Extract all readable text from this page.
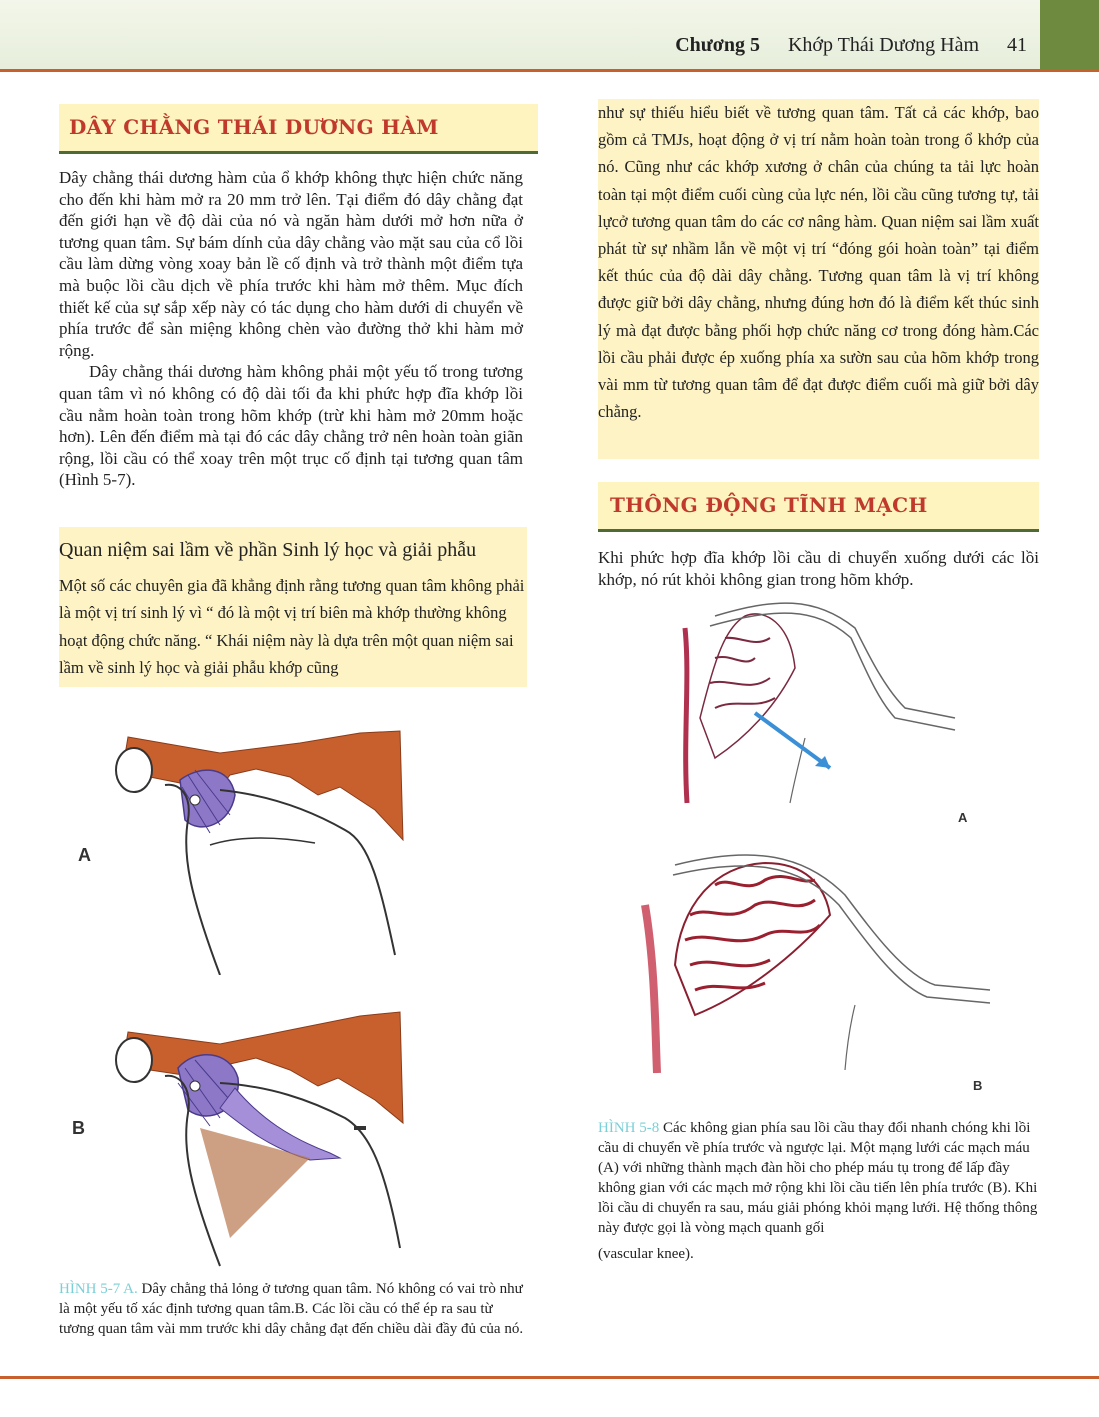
Chương 5 Khớp Thái Dương Hàm 41
DÂY CHẰNG THÁI DƯƠNG HÀM

Dây chằng thái dương hàm của ổ khớp không thực hiện chức năng cho đến khi hàm mở ra 20 mm trở lên. Tại điểm đó dây chằng đạt đến giới hạn về độ dài của nó và ngăn hàm dưới mở hơn nữa ở tương quan tâm. Sự bám dính của dây chằng vào mặt sau của cổ lồi cầu làm dừng vòng xoay bản lề cố định và trở thành một điểm tựa mà buộc lồi cầu dịch về phía trước khi hàm mở thêm. Mục đích thiết kế của sự sắp xếp này có tác dụng cho hàm dưới di chuyển về phía trước để sàn miệng không chèn vào đường thở khi hàm mở rộng.

Dây chằng thái dương hàm không phải một yếu tố trong tương quan tâm vì nó không có độ dài tối đa khi phức hợp đĩa khớp lồi cầu nằm hoàn toàn trong hõm khớp (trừ khi hàm mở 20mm hoặc hơn). Lên đến điểm mà tại đó các dây chằng trở nên hoàn toàn giãn rộng, lồi cầu có thể xoay trên một trục cố định tại tương quan tâm (Hình 5-7).

Quan niệm sai lầm về phần Sinh lý học và giải phẫu

Một số các chuyên gia đã khẳng định rằng tương quan tâm không phải là một vị trí sinh lý vì “ đó là một vị trí biên mà khớp thường không hoạt động chức năng. “ Khái niệm này là dựa trên một quan niệm sai lầm về sinh lý học và giải phẫu khớp cũng

A
B
HÌNH 5-7 A. Dây chằng thả lỏng ở tương quan tâm. Nó không có vai trò như là một yếu tố xác định tương quan tâm.B. Các lồi cầu có thể ép ra sau từ tương quan tâm vài mm trước khi dây chằng đạt đến chiều dài đầy đủ của nó.

như sự thiếu hiểu biết về tương quan tâm. Tất cả các khớp, bao gồm cả TMJs, hoạt động ở vị trí nằm hoàn toàn trong ổ khớp của nó. Cũng như các khớp xương ở chân của chúng ta tải lực hoàn toàn tại một điểm cuối cùng của lực nén, lồi cầu cũng tương tự, tải lựcở tương quan tâm do các cơ nâng hàm. Quan niệm sai lầm xuất phát từ sự nhầm lẫn về một vị trí “đóng gói hoàn toàn” tại điểm kết thúc của độ dài dây chằng. Tương quan tâm là vị trí không được giữ bởi dây chằng, nhưng đúng hơn đó là điểm kết thúc sinh lý mà đạt được bằng phối hợp chức năng cơ trong đóng hàm.Các lồi cầu phải được ép xuống phía xa sườn sau của hõm khớp trong vài mm từ tương quan tâm để đạt được điểm cuối mà giữ bởi dây chằng.

THÔNG ĐỘNG TĨNH MẠCH

Khi phức hợp đĩa khớp lồi cầu di chuyển xuống dưới các lồi khớp, nó rút khỏi không gian trong hõm khớp.

A
B
HÌNH 5-8 Các không gian phía sau lồi cầu thay đổi nhanh chóng khi lồi cầu di chuyển về phía trước và ngược lại. Một mạng lưới các mạch máu (A) với những thành mạch đàn hồi cho phép máu tụ trong để lấp đầy không gian với các mạch mở rộng khi lồi cầu tiến lên phía trước (B). Khi lồi cầu di chuyển ra sau, máu giải phóng khỏi mạng lưới. Hệ thống thông này được gọi là vòng mạch quanh gối
(vascular knee).
